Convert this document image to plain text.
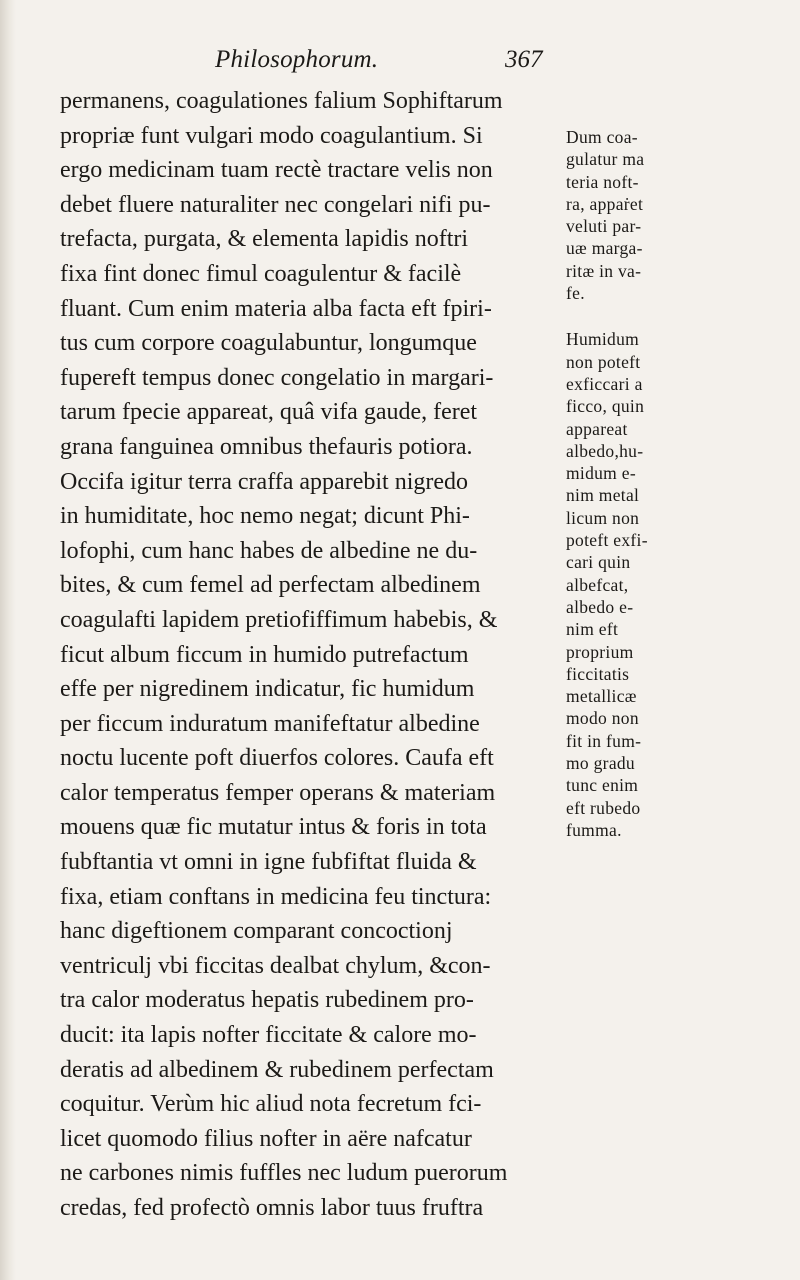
Philosophorum.	367
permanens, coagulationes falium Sophiftarum
propriæ funt vulgari modo coagulantium. Si
ergo medicinam tuam rectè tractare velis non
debet fluere naturaliter nec congelari nifi pu-
trefacta, purgata, & elementa lapidis noftri
fixa fint donec fimul coagulentur & facilè
fluant. Cum enim materia alba facta eft fpiri-
tus cum corpore coagulabuntur, longumque
fupereft tempus donec congelatio in margari-
tarum fpecie appareat, quâ vifa gaude, feret
grana fanguinea omnibus thefauris potiora.
Occifa igitur terra craffa apparebit nigredo
in humiditate, hoc nemo negat; dicunt Phi-
lofophi, cum hanc habes de albedine ne du-
bites, & cum femel ad perfectam albedinem
coagulafti lapidem pretiofiffimum habebis, &
ficut album ficcum in humido putrefactum
effe per nigredinem indicatur, fic humidum
per ficcum induratum manifeftatur albedine
noctu lucente poft diuerfos colores. Caufa eft
calor temperatus femper operans & materiam
mouens quæ fic mutatur intus & foris in tota
fubftantia vt omni in igne fubfiftat fluida &
fixa, etiam conftans in medicina feu tinctura:
hanc digeftionem comparant concoctionj
ventriculj vbi ficcitas dealbat chylum, &con-
tra calor moderatus hepatis rubedinem pro-
ducit: ita lapis nofter ficcitate & calore mo-
deratis ad albedinem & rubedinem perfectam
coquitur. Verùm hic aliud nota fecretum fci-
licet quomodo filius nofter in aëre nafcatur
ne carbones nimis fuffles nec ludum puerorum
credas, fed profectò omnis labor tuus fruftra
Dum coa-
gulatur ma
teria noft-
ra, appaṙet
veluti par-
uæ marga-
ritæ in va-
fe.
Humidum
non poteft
exficcari a
ficco, quin
appareat
albedo,hu-
midum e-
nim metal
licum non
poteft exfi-
cari quin
albefcat,
albedo e-
nim eft
proprium
ficcitatis
metallicæ
modo non
fit in fum-
mo gradu
tunc enim
eft rubedo
fumma.
